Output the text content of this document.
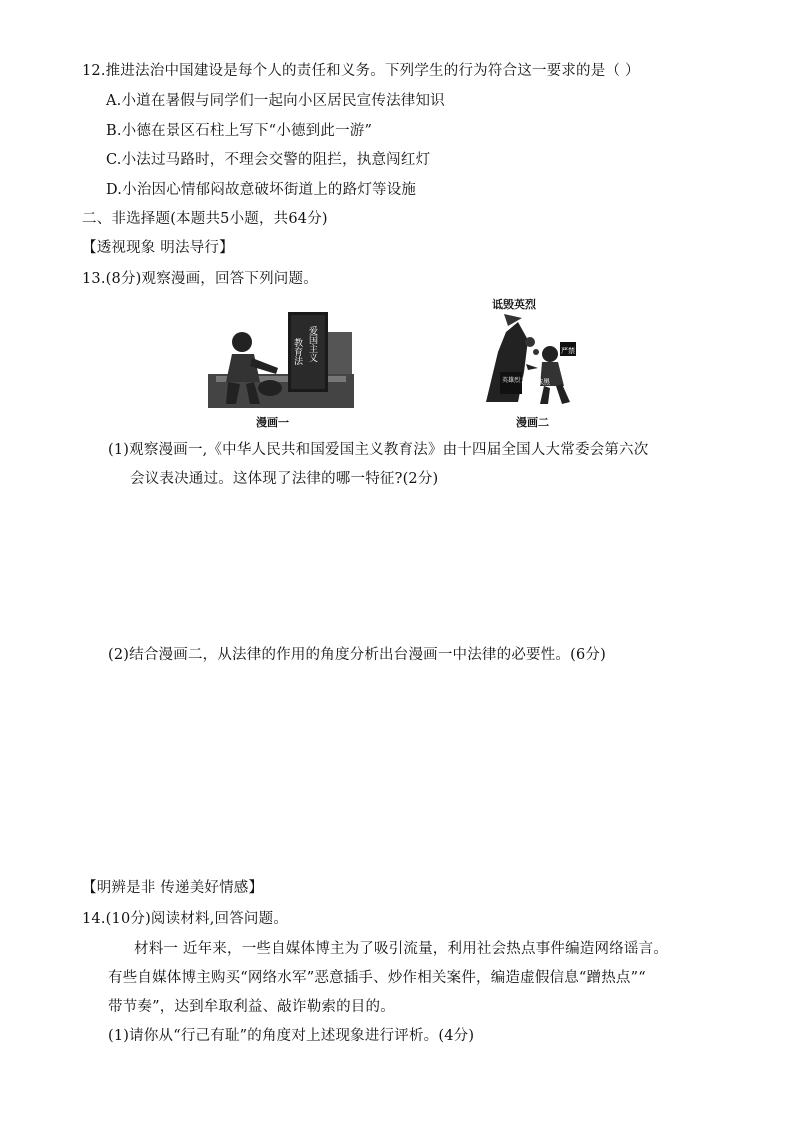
12.推进法治中国建设是每个人的责任和义务。下列学生的行为符合这一要求的是（ ）
A.小道在暑假与同学们一起向小区居民宣传法律知识
B.小德在景区石柱上写下“小德到此一游”
C.小法过马路时，不理会交警的阻拦，执意闯红灯
D.小治因心情郁闷故意破坏街道上的路灯等设施
二、非选择题(本题共5小题，共64分)
【透视现象 明法导行】
13.(8分)观察漫画，回答下列问题。
教育法 爱国主义
漫画一
诋毁英烈
严禁
英雄烈士 抹黑
漫画二
(1)观察漫画一,《中华人民共和国爱国主义教育法》由十四届全国人大常委会第六次
会议表决通过。这体现了法律的哪一特征?(2分)
(2)结合漫画二，从法律的作用的角度分析出台漫画一中法律的必要性。(6分)
【明辨是非 传递美好情感】
14.(10分)阅读材料,回答问题。
材料一 近年来，一些自媒体博主为了吸引流量，利用社会热点事件编造网络谣言。
有些自媒体博主购买“网络水军”恶意插手、炒作相关案件，编造虚假信息“蹭热点”“
带节奏”，达到牟取利益、敲诈勒索的目的。
(1)请你从“行己有耻”的角度对上述现象进行评析。(4分)
